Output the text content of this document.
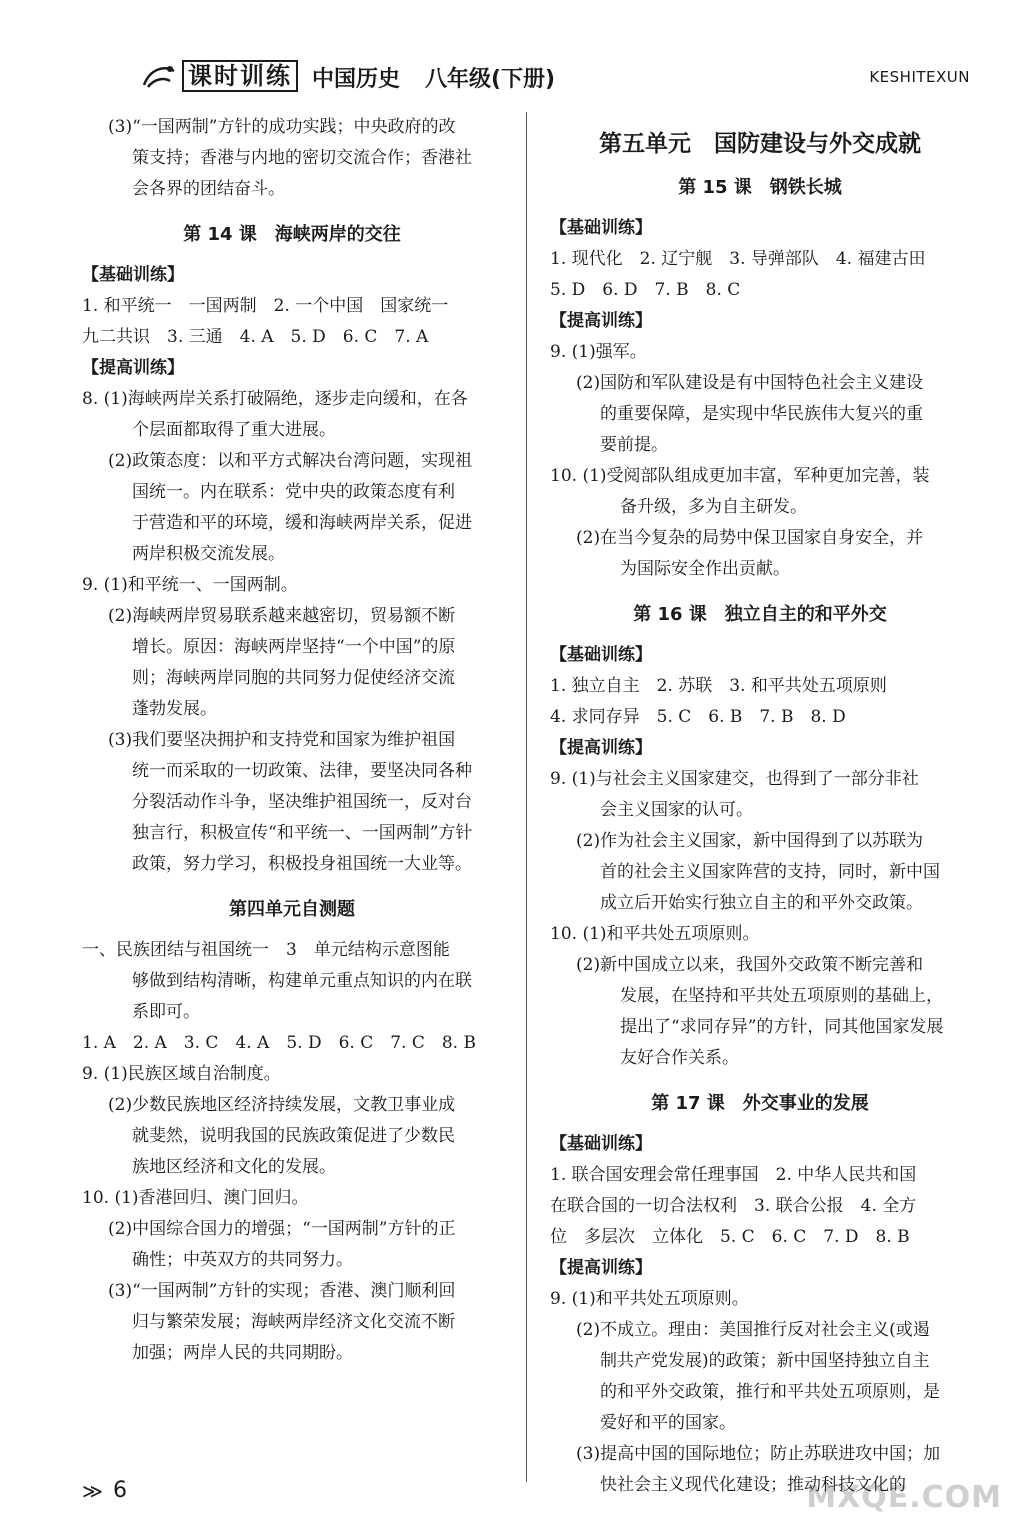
课时训练 中国历史 八年级(下册)	KESHITEXUN
(3)“一国两制”方针的成功实践；中央政府的改
策支持；香港与内地的密切交流合作；香港社
会各界的团结奋斗。
第 14 课　海峡两岸的交往
【基础训练】
1. 和平统一　一国两制　2. 一个中国　国家统一
九二共识　3. 三通　4. A　5. D　6. C　7. A
【提高训练】
8. (1)海峡两岸关系打破隔绝，逐步走向缓和，在各
个层面都取得了重大进展。
(2)政策态度：以和平方式解决台湾问题，实现祖
国统一。内在联系：党中央的政策态度有利
于营造和平的环境，缓和海峡两岸关系，促进
两岸积极交流发展。
9. (1)和平统一、一国两制。
(2)海峡两岸贸易联系越来越密切，贸易额不断
增长。原因：海峡两岸坚持“一个中国”的原
则；海峡两岸同胞的共同努力促使经济交流
蓬勃发展。
(3)我们要坚决拥护和支持党和国家为维护祖国
统一而采取的一切政策、法律，要坚决同各种
分裂活动作斗争，坚决维护祖国统一，反对台
独言行，积极宣传“和平统一、一国两制”方针
政策，努力学习，积极投身祖国统一大业等。
第四单元自测题
一、民族团结与祖国统一　3　单元结构示意图能
够做到结构清晰，构建单元重点知识的内在联
系即可。
1. A　2. A　3. C　4. A　5. D　6. C　7. C　8. B
9. (1)民族区域自治制度。
(2)少数民族地区经济持续发展，文教卫事业成
就斐然，说明我国的民族政策促进了少数民
族地区经济和文化的发展。
10. (1)香港回归、澳门回归。
(2)中国综合国力的增强；“一国两制”方针的正
确性；中英双方的共同努力。
(3)“一国两制”方针的实现；香港、澳门顺利回
归与繁荣发展；海峡两岸经济文化交流不断
加强；两岸人民的共同期盼。
第五单元　国防建设与外交成就
第 15 课　钢铁长城
【基础训练】
1. 现代化　2. 辽宁舰　3. 导弹部队　4. 福建古田
5. D　6. D　7. B　8. C
【提高训练】
9. (1)强军。
(2)国防和军队建设是有中国特色社会主义建设
的重要保障，是实现中华民族伟大复兴的重
要前提。
10. (1)受阅部队组成更加丰富，军种更加完善，装
备升级，多为自主研发。
(2)在当今复杂的局势中保卫国家自身安全，并
为国际安全作出贡献。
第 16 课　独立自主的和平外交
【基础训练】
1. 独立自主　2. 苏联　3. 和平共处五项原则
4. 求同存异　5. C　6. B　7. B　8. D
【提高训练】
9. (1)与社会主义国家建交，也得到了一部分非社
会主义国家的认可。
(2)作为社会主义国家，新中国得到了以苏联为
首的社会主义国家阵营的支持，同时，新中国
成立后开始实行独立自主的和平外交政策。
10. (1)和平共处五项原则。
(2)新中国成立以来，我国外交政策不断完善和
发展，在坚持和平共处五项原则的基础上，
提出了“求同存异”的方针，同其他国家发展
友好合作关系。
第 17 课　外交事业的发展
【基础训练】
1. 联合国安理会常任理事国　2. 中华人民共和国
在联合国的一切合法权利　3. 联合公报　4. 全方
位　多层次　立体化　5. C　6. C　7. D　8. B
【提高训练】
9. (1)和平共处五项原则。
(2)不成立。理由：美国推行反对社会主义(或遏
制共产党发展)的政策；新中国坚持独立自主
的和平外交政策，推行和平共处五项原则，是
爱好和平的国家。
(3)提高中国的国际地位；防止苏联进攻中国；加
快社会主义现代化建设；推动科技文化的
≫ 6	MXQE.COM
